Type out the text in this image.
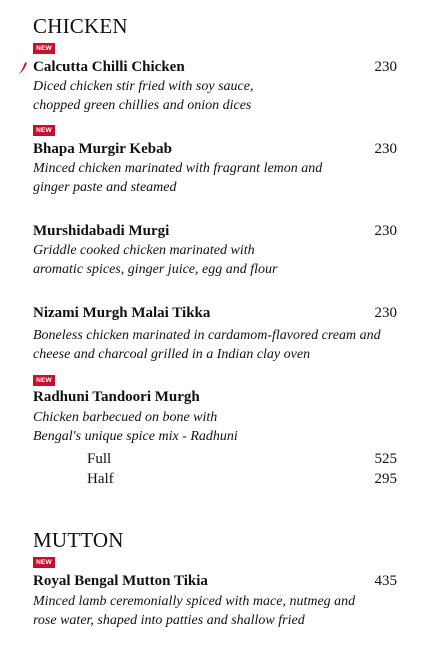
CHICKEN
NEW
Calcutta Chilli Chicken	230
Diced chicken stir fried with soy sauce,
chopped green chillies and onion dices
NEW
Bhapa Murgir Kebab	230
Minced chicken marinated with fragrant lemon and
ginger paste and steamed
Murshidabadi Murgi	230
Griddle cooked chicken marinated with
aromatic spices, ginger juice, egg and flour
Nizami Murgh Malai Tikka	230
Boneless chicken marinated in cardamom-flavored cream and
cheese and charcoal grilled in a Indian clay oven
NEW
Radhuni Tandoori Murgh
Chicken barbecued on bone with
Bengal's unique spice mix - Radhuni
Full	525
Half	295
MUTTON
NEW
Royal Bengal Mutton Tikia	435
Minced lamb ceremonially spiced with mace, nutmeg and
rose water, shaped into patties and shallow fried
